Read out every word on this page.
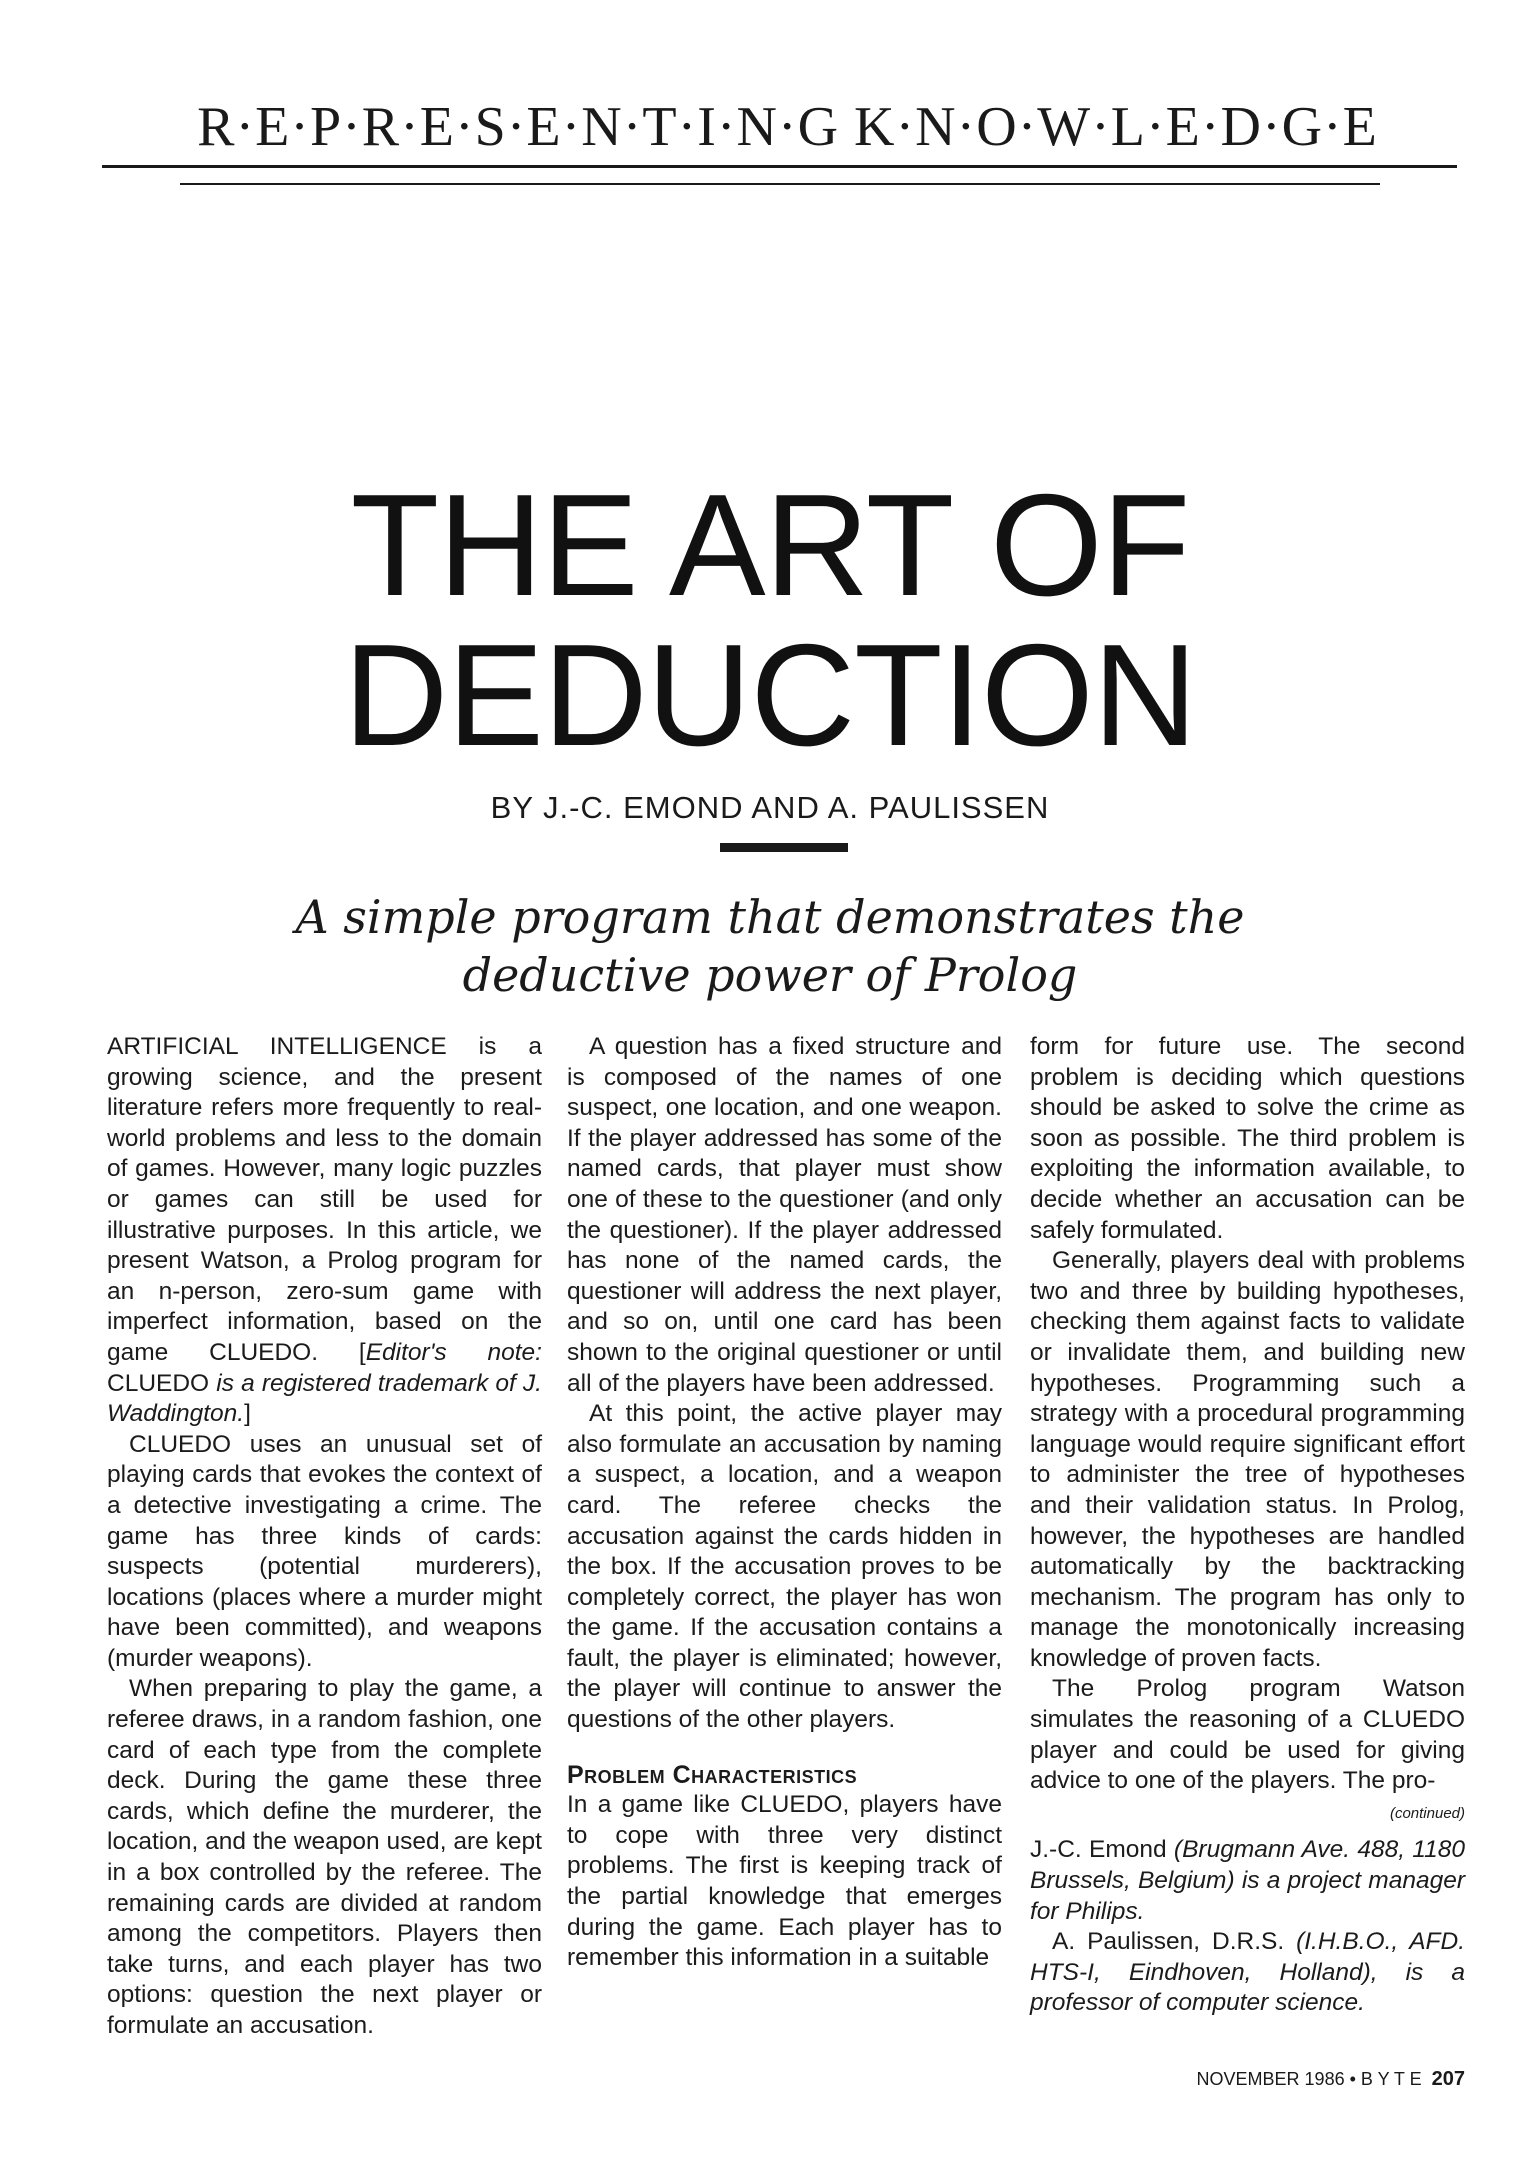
R·E·P·R·E·S·E·N·T·I·N·G K·N·O·W·L·E·D·G·E
THE ART OF
DEDUCTION
BY J.-C. EMOND AND A. PAULISSEN
A simple program that demonstrates the deductive power of Prolog

ARTIFICIAL INTELLIGENCE is a growing science, and the present literature refers more frequently to real-world problems and less to the domain of games. However, many logic puzzles or games can still be used for illustrative purposes. In this article, we present Watson, a Prolog program for an n-person, zero-sum game with imperfect information, based on the game CLUEDO. [Editor's note: CLUEDO is a registered trademark of J. Waddington.]

CLUEDO uses an unusual set of playing cards that evokes the context of a detective investigating a crime. The game has three kinds of cards: suspects (potential murderers), locations (places where a murder might have been committed), and weapons (murder weapons).

When preparing to play the game, a referee draws, in a random fashion, one card of each type from the complete deck. During the game these three cards, which define the murderer, the location, and the weapon used, are kept in a box controlled by the referee. The remaining cards are divided at random among the competitors. Players then take turns, and each player has two options: question the next player or formulate an accusation.

A question has a fixed structure and is composed of the names of one suspect, one location, and one weapon. If the player addressed has some of the named cards, that player must show one of these to the questioner (and only the questioner). If the player addressed has none of the named cards, the questioner will address the next player, and so on, until one card has been shown to the original questioner or until all of the players have been addressed.

At this point, the active player may also formulate an accusation by naming a suspect, a location, and a weapon card. The referee checks the accusation against the cards hidden in the box. If the accusation proves to be completely correct, the player has won the game. If the accusation contains a fault, the player is eliminated; however, the player will continue to answer the questions of the other players.

Problem Characteristics

In a game like CLUEDO, players have to cope with three very distinct problems. The first is keeping track of the partial knowledge that emerges during the game. Each player has to remember this information in a suitable

form for future use. The second problem is deciding which questions should be asked to solve the crime as soon as possible. The third problem is exploiting the information available, to decide whether an accusation can be safely formulated.

Generally, players deal with problems two and three by building hypotheses, checking them against facts to validate or invalidate them, and building new hypotheses. Programming such a strategy with a procedural programming language would require significant effort to administer the tree of hypotheses and their validation status. In Prolog, however, the hypotheses are handled automatically by the backtracking mechanism. The program has only to manage the monotonically increasing knowledge of proven facts.

The Prolog program Watson simulates the reasoning of a CLUEDO player and could be used for giving advice to one of the players. The pro-

(continued)

J.-C. Emond (Brugmann Ave. 488, 1180 Brussels, Belgium) is a project manager for Philips.

A. Paulissen, D.R.S. (I.H.B.O., AFD. HTS-I, Eindhoven, Holland), is a professor of computer science.

NOVEMBER 1986 • B Y T E 207
